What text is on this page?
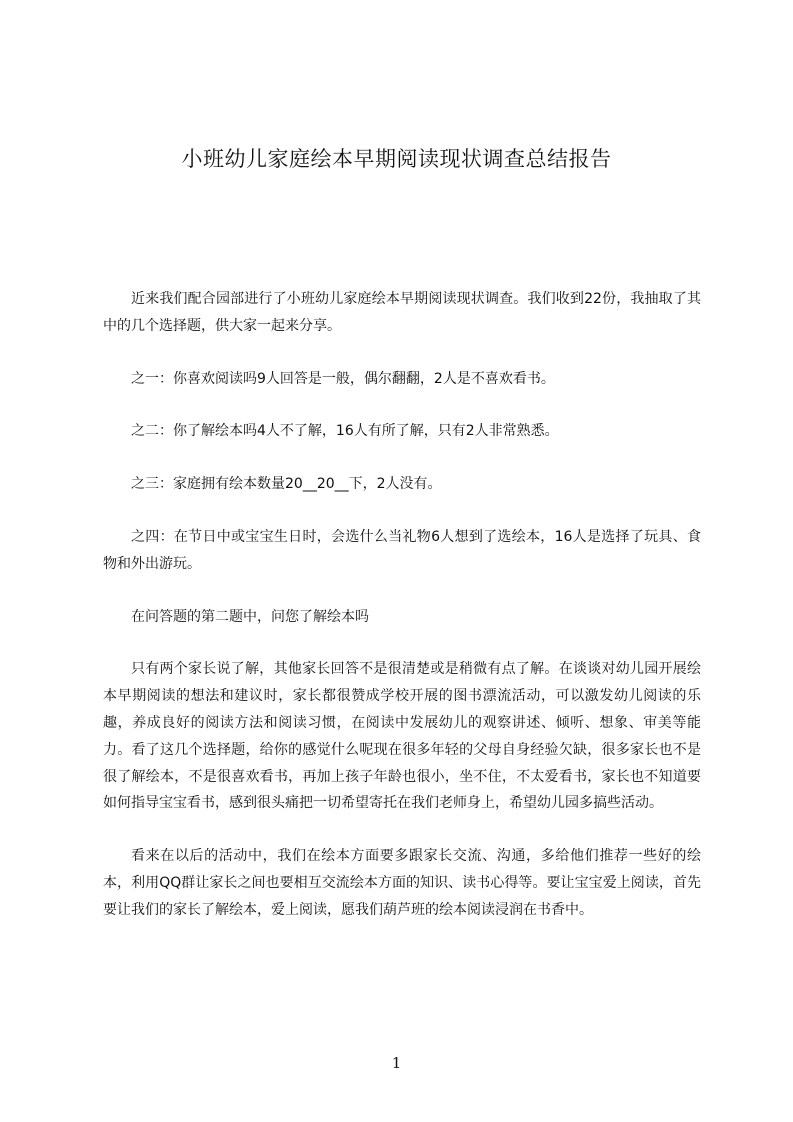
小班幼儿家庭绘本早期阅读现状调查总结报告

近来我们配合园部进行了小班幼儿家庭绘本早期阅读现状调查。我们收到22份，我抽取了其中的几个选择题，供大家一起来分享。

之一：你喜欢阅读吗9人回答是一般，偶尔翻翻，2人是不喜欢看书。

之二：你了解绘本吗4人不了解，16人有所了解，只有2人非常熟悉。

之三：家庭拥有绘本数量20__20__下，2人没有。

之四：在节日中或宝宝生日时，会选什么当礼物6人想到了选绘本，16人是选择了玩具、食物和外出游玩。

在问答题的第二题中，问您了解绘本吗

只有两个家长说了解，其他家长回答不是很清楚或是稍微有点了解。在谈谈对幼儿园开展绘本早期阅读的想法和建议时，家长都很赞成学校开展的图书漂流活动，可以激发幼儿阅读的乐趣，养成良好的阅读方法和阅读习惯，在阅读中发展幼儿的观察讲述、倾听、想象、审美等能力。看了这几个选择题，给你的感觉什么呢现在很多年轻的父母自身经验欠缺，很多家长也不是很了解绘本，不是很喜欢看书，再加上孩子年龄也很小，坐不住，不太爱看书，家长也不知道要如何指导宝宝看书，感到很头痛把一切希望寄托在我们老师身上，希望幼儿园多搞些活动。

看来在以后的活动中，我们在绘本方面要多跟家长交流、沟通，多给他们推荐一些好的绘本，利用QQ群让家长之间也要相互交流绘本方面的知识、读书心得等。要让宝宝爱上阅读，首先要让我们的家长了解绘本，爱上阅读，愿我们葫芦班的绘本阅读浸润在书香中。

1
